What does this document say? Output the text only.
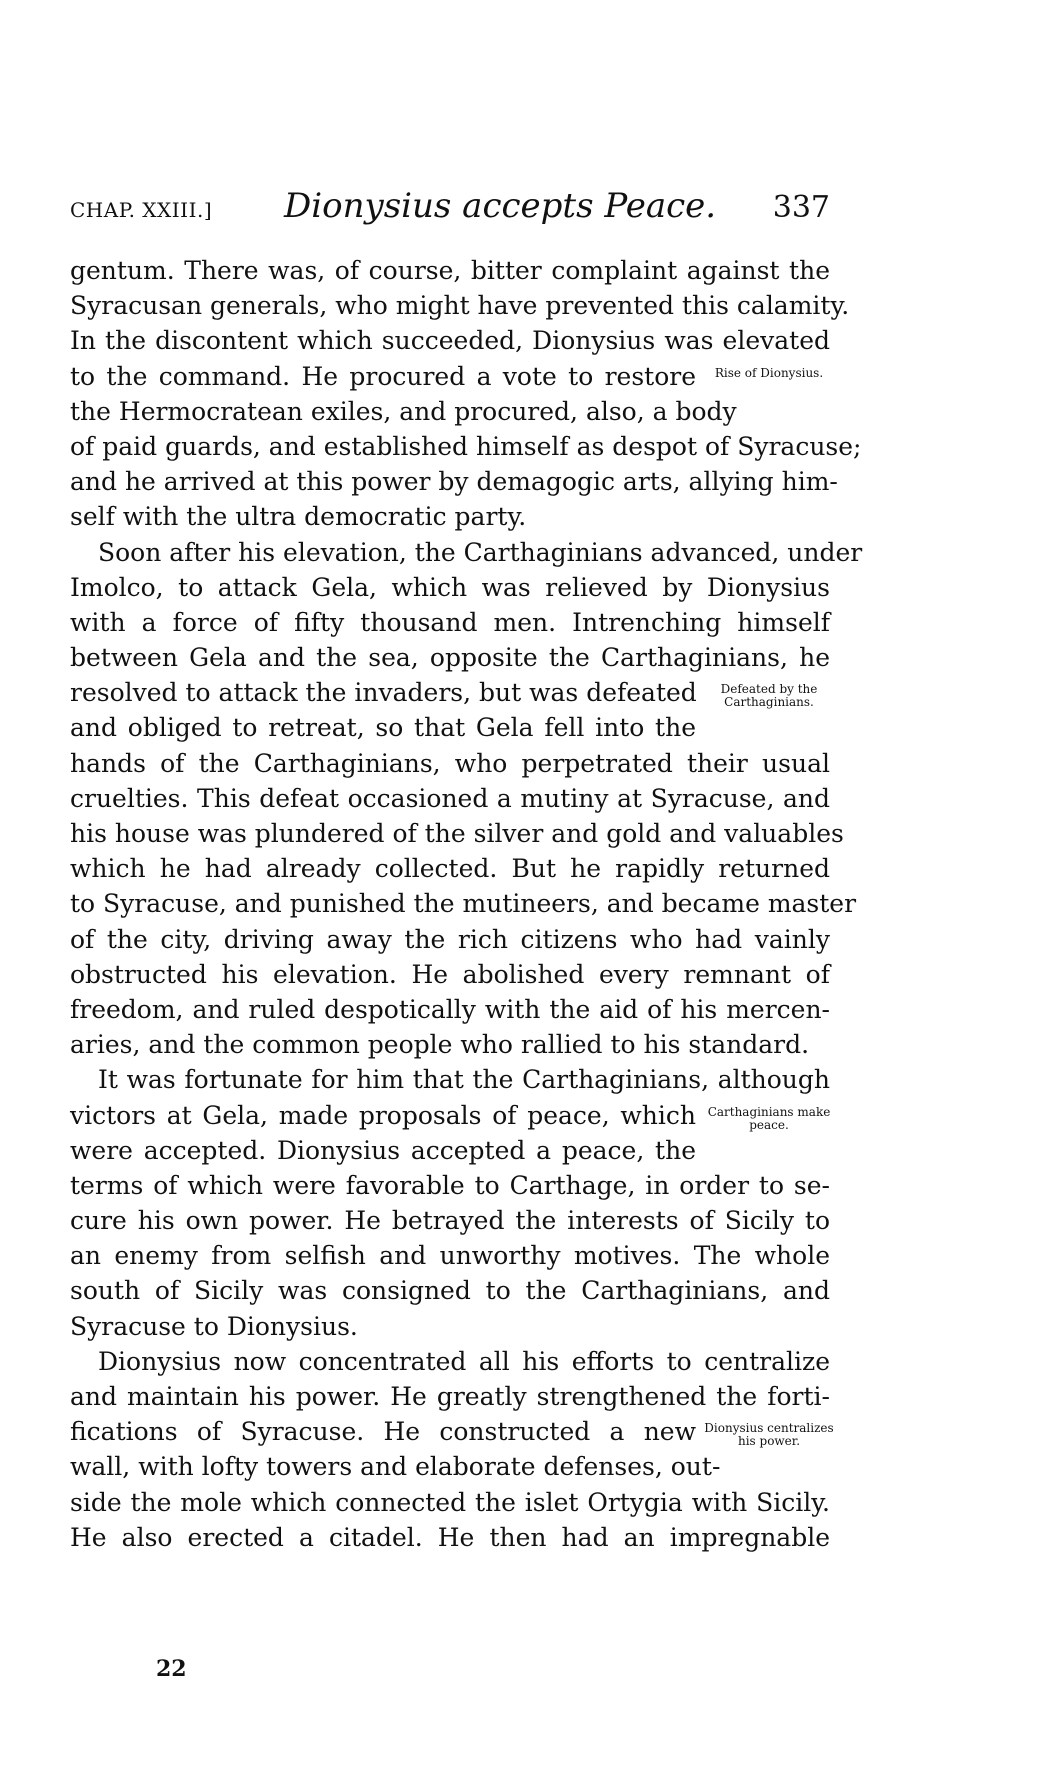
CHAP. XXIII.] Dionysius accepts Peace. 337
gentum. There was, of course, bitter complaint against the
Syracusan generals, who might have prevented this calamity.
In the discontent which succeeded, Dionysius was elevated
to the command. He procured a vote to restore
the Hermocratean exiles, and procured, also, a body
of paid guards, and established himself as despot of Syracuse;
and he arrived at this power by demagogic arts, allying him-
self with the ultra democratic party.
Soon after his elevation, the Carthaginians advanced, under
Imolco, to attack Gela, which was relieved by Dionysius
with a force of fifty thousand men. Intrenching himself
between Gela and the sea, opposite the Carthaginians, he
resolved to attack the invaders, but was defeated
and obliged to retreat, so that Gela fell into the
hands of the Carthaginians, who perpetrated their usual
cruelties. This defeat occasioned a mutiny at Syracuse, and
his house was plundered of the silver and gold and valuables
which he had already collected. But he rapidly returned
to Syracuse, and punished the mutineers, and became master
of the city, driving away the rich citizens who had vainly
obstructed his elevation. He abolished every remnant of
freedom, and ruled despotically with the aid of his mercen-
aries, and the common people who rallied to his standard.
It was fortunate for him that the Carthaginians, although
victors at Gela, made proposals of peace, which
were accepted. Dionysius accepted a peace, the
terms of which were favorable to Carthage, in order to se-
cure his own power. He betrayed the interests of Sicily to
an enemy from selfish and unworthy motives. The whole
south of Sicily was consigned to the Carthaginians, and
Syracuse to Dionysius.
Dionysius now concentrated all his efforts to centralize
and maintain his power. He greatly strengthened the forti-
fications of Syracuse. He constructed a new
wall, with lofty towers and elaborate defenses, out-
side the mole which connected the islet Ortygia with Sicily.
He also erected a citadel. He then had an impregnable
Rise of Dionysius.
Defeated by the Carthaginians.
Carthaginians make peace.
Dionysius centralizes his power.
22
